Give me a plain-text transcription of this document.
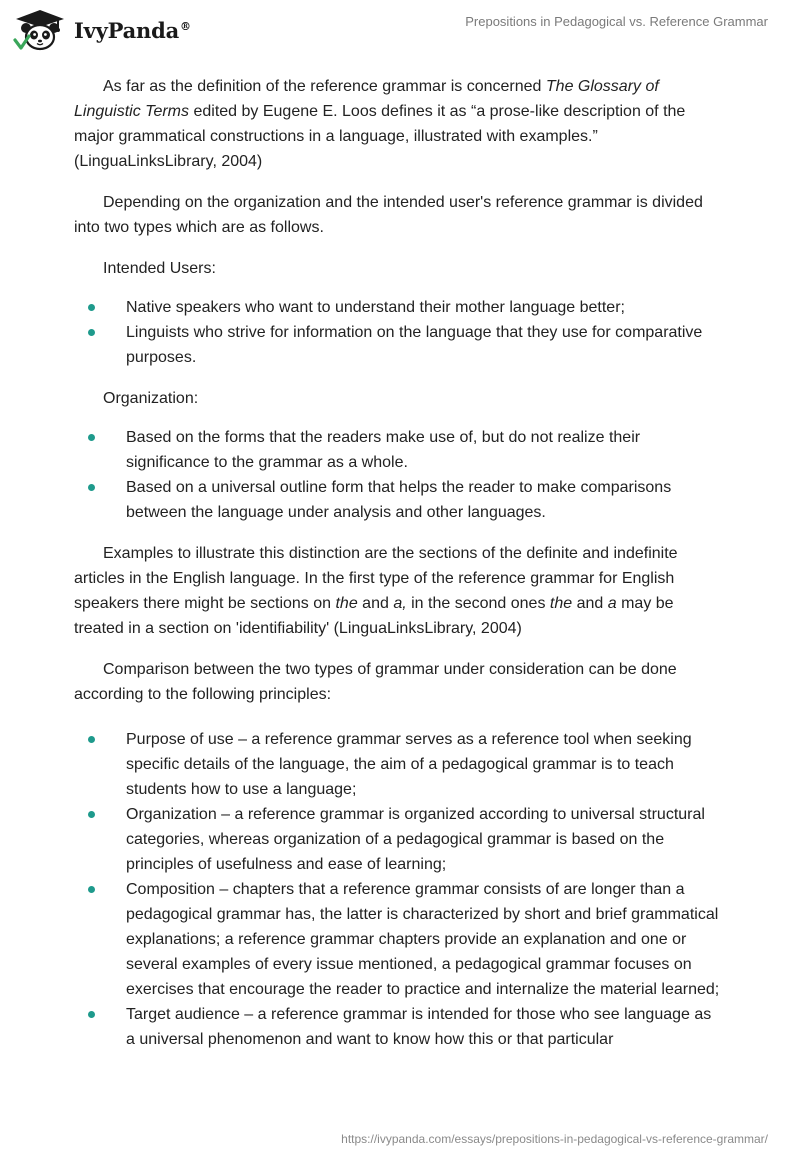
IvyPanda®	Prepositions in Pedagogical vs. Reference Grammar

As far as the definition of the reference grammar is concerned The Glossary of Linguistic Terms edited by Eugene E. Loos defines it as “a prose-like description of the major grammatical constructions in a language, illustrated with examples.” (LinguaLinksLibrary, 2004)

Depending on the organization and the intended user's reference grammar is divided into two types which are as follows.

Intended Users:

Native speakers who want to understand their mother language better;
Linguists who strive for information on the language that they use for comparative purposes.

Organization:

Based on the forms that the readers make use of, but do not realize their significance to the grammar as a whole.
Based on a universal outline form that helps the reader to make comparisons between the language under analysis and other languages.

Examples to illustrate this distinction are the sections of the definite and indefinite articles in the English language. In the first type of the reference grammar for English speakers there might be sections on the and a, in the second ones the and a may be treated in a section on 'identifiability' (LinguaLinksLibrary, 2004)

Comparison between the two types of grammar under consideration can be done according to the following principles:

Purpose of use – a reference grammar serves as a reference tool when seeking specific details of the language, the aim of a pedagogical grammar is to teach students how to use a language;
Organization – a reference grammar is organized according to universal structural categories, whereas organization of a pedagogical grammar is based on the principles of usefulness and ease of learning;
Composition – chapters that a reference grammar consists of are longer than a pedagogical grammar has, the latter is characterized by short and brief grammatical explanations; a reference grammar chapters provide an explanation and one or several examples of every issue mentioned, a pedagogical grammar focuses on exercises that encourage the reader to practice and internalize the material learned;
Target audience – a reference grammar is intended for those who see language as a universal phenomenon and want to know how this or that particular
https://ivypanda.com/essays/prepositions-in-pedagogical-vs-reference-grammar/
